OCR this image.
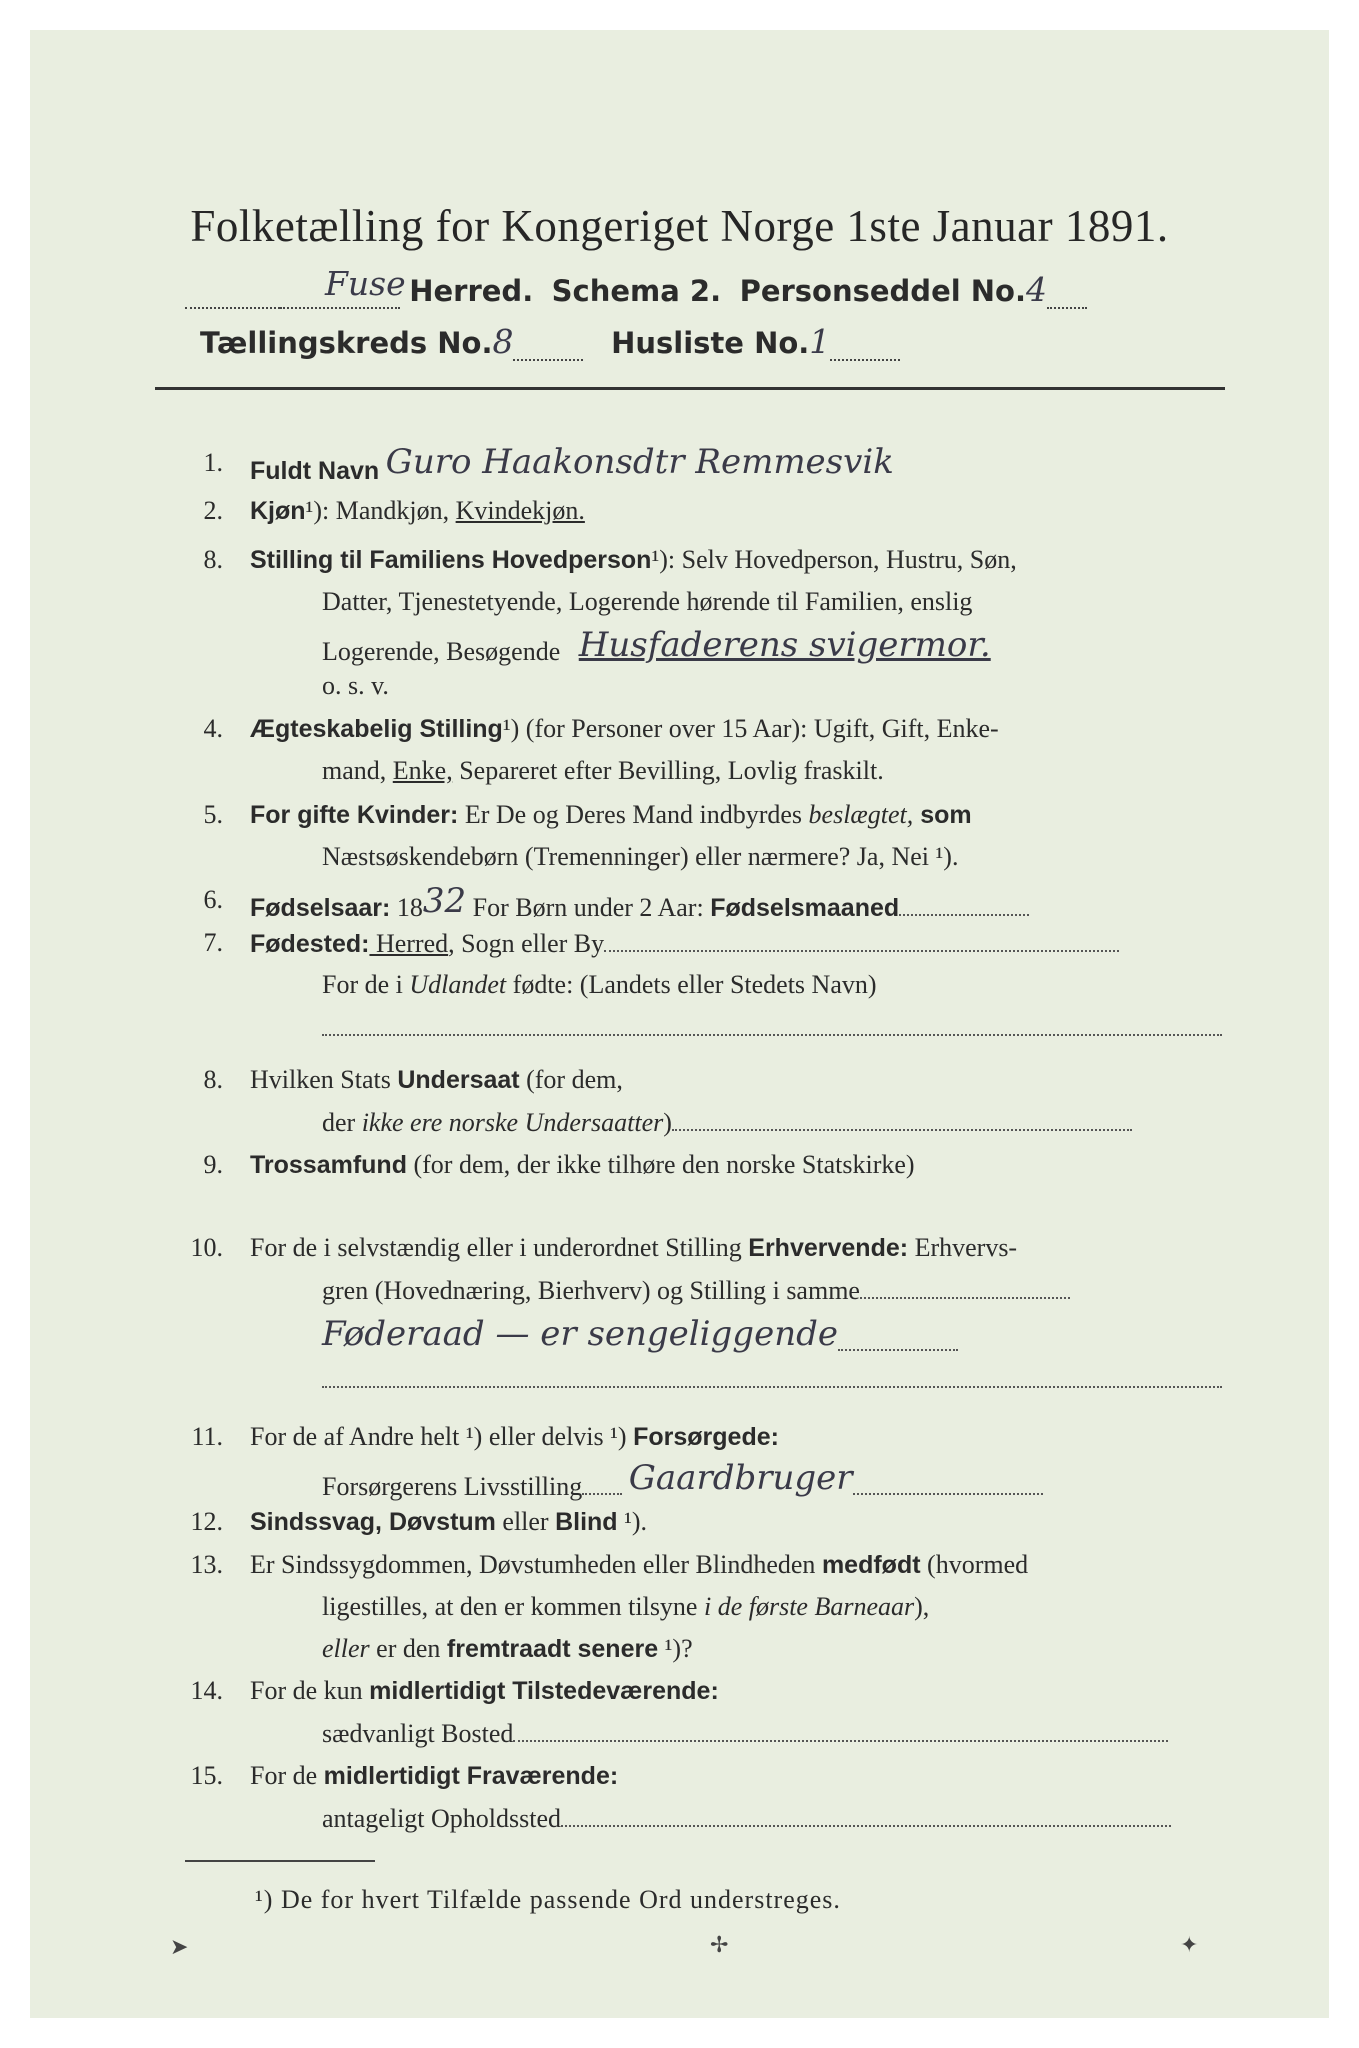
Folketælling for Kongeriget Norge 1ste Januar 1891.
Fuse Herred. Schema 2. Personseddel No.4
Tællingskreds No.8	Husliste No.1
1. Fuldt Navn Guro Haakonsdtr Remmesvik
2. Kjøn¹): Mandkjøn, Kvindekjøn.
8. Stilling til Familiens Hovedperson¹): Selv Hovedperson, Hustru, Søn,
Datter, Tjenestetyende, Logerende hørende til Familien, enslig
Logerende, Besøgende Husfaderens svigermor.
o. s. v.
4. Ægteskabelig Stilling¹) (for Personer over 15 Aar): Ugift, Gift, Enke-
mand, Enke, Separeret efter Bevilling, Lovlig fraskilt.
5. For gifte Kvinder: Er De og Deres Mand indbyrdes beslægtet, som
Næstsøskendebørn (Tremenninger) eller nærmere? Ja, Nei ¹).
6. Fødselsaar: 1832 For Børn under 2 Aar: Fødselsmaaned
7. Fødested: Herred, Sogn eller By
For de i Udlandet fødte: (Landets eller Stedets Navn)
8. Hvilken Stats Undersaat (for dem,
der ikke ere norske Undersaatter)
9. Trossamfund (for dem, der ikke tilhøre den norske Statskirke)
10. For de i selvstændig eller i underordnet Stilling Erhvervende: Erhvervs-
gren (Hovednæring, Bierhverv) og Stilling i samme
Føderaad — er sengeliggende
11. For de af Andre helt ¹) eller delvis ¹) Forsørgede:
Forsørgerens Livsstilling Gaardbruger
12. Sindssvag, Døvstum eller Blind ¹).
13. Er Sindssygdommen, Døvstumheden eller Blindheden medfødt (hvormed
ligestilles, at den er kommen tilsyne i de første Barneaar),
eller er den fremtraadt senere ¹)?
14. For de kun midlertidigt Tilstedeværende:
sædvanligt Bosted
15. For de midlertidigt Fraværende:
antageligt Opholdssted
¹) De for hvert Tilfælde passende Ord understreges.
➤	✢	✦
